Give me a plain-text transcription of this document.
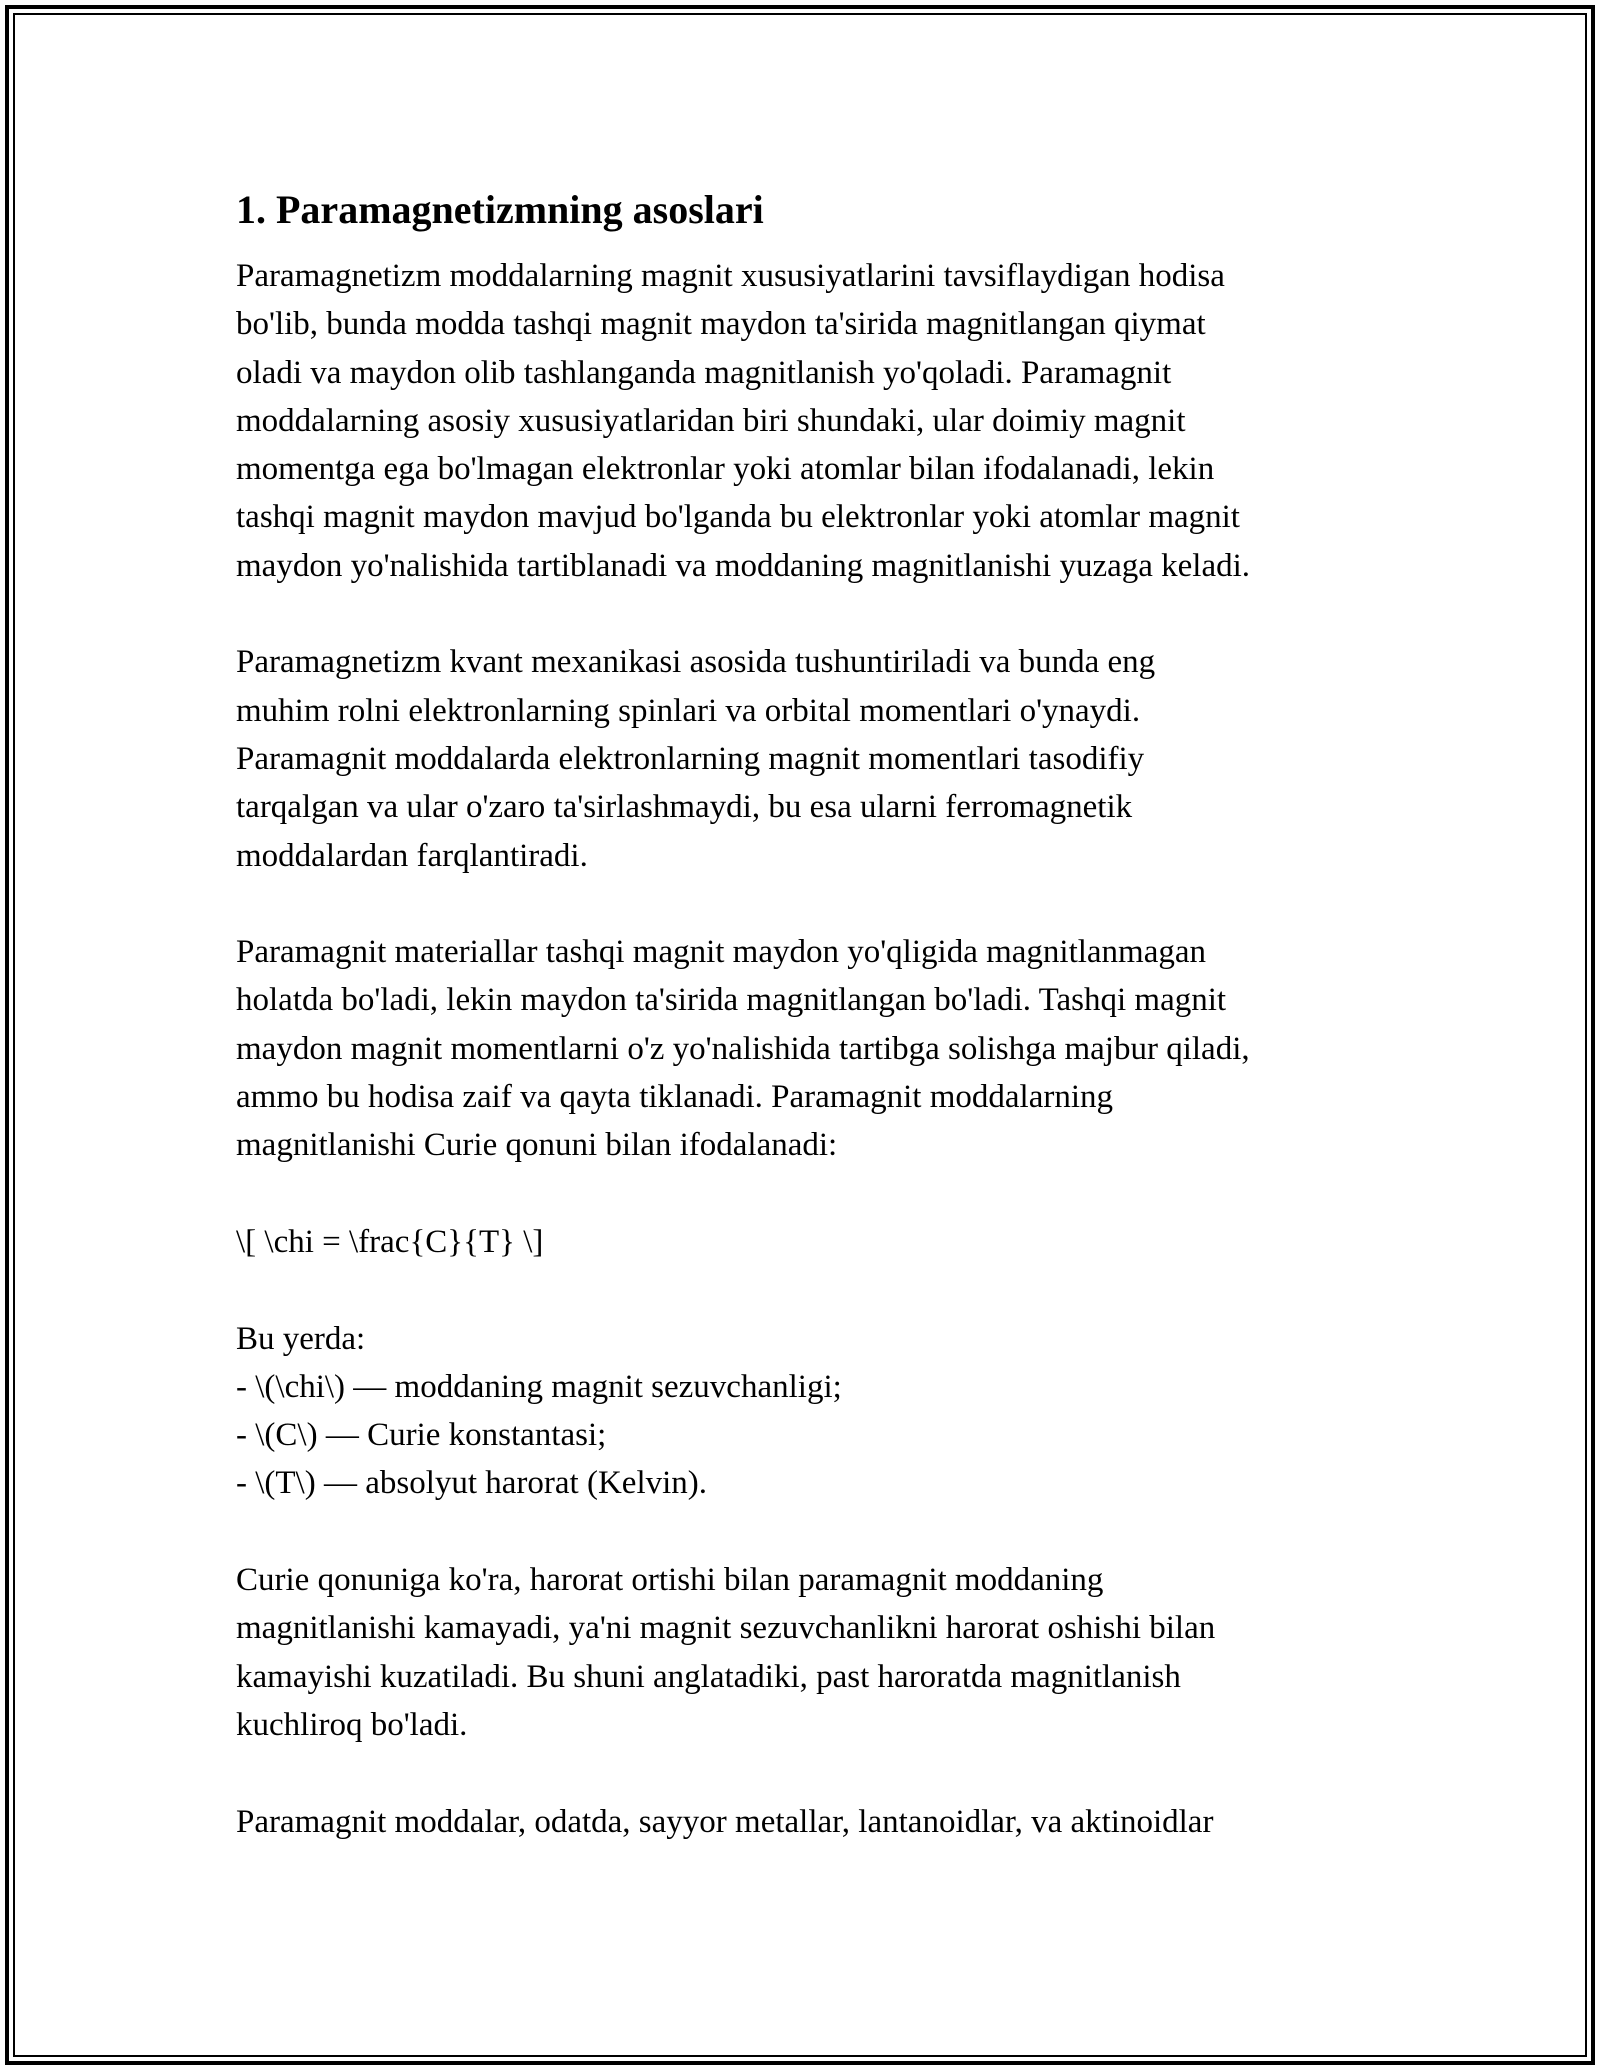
1. Paramagnetizmning asoslari

Paramagnetizm moddalarning magnit xususiyatlarini tavsiflaydigan hodisa
bo'lib, bunda modda tashqi magnit maydon ta'sirida magnitlangan qiymat
oladi va maydon olib tashlanganda magnitlanish yo'qoladi. Paramagnit
moddalarning asosiy xususiyatlaridan biri shundaki, ular doimiy magnit
momentga ega bo'lmagan elektronlar yoki atomlar bilan ifodalanadi, lekin
tashqi magnit maydon mavjud bo'lganda bu elektronlar yoki atomlar magnit
maydon yo'nalishida tartiblanadi va moddaning magnitlanishi yuzaga keladi.

Paramagnetizm kvant mexanikasi asosida tushuntiriladi va bunda eng
muhim rolni elektronlarning spinlari va orbital momentlari o'ynaydi.
Paramagnit moddalarda elektronlarning magnit momentlari tasodifiy
tarqalgan va ular o'zaro ta'sirlashmaydi, bu esa ularni ferromagnetik
moddalardan farqlantiradi.

Paramagnit materiallar tashqi magnit maydon yo'qligida magnitlanmagan
holatda bo'ladi, lekin maydon ta'sirida magnitlangan bo'ladi. Tashqi magnit
maydon magnit momentlarni o'z yo'nalishida tartibga solishga majbur qiladi,
ammo bu hodisa zaif va qayta tiklanadi. Paramagnit moddalarning
magnitlanishi Curie qonuni bilan ifodalanadi:

\[ \chi = \frac{C}{T} \]

Bu yerda:
- \(\chi\) — moddaning magnit sezuvchanligi;
- \(C\) — Curie konstantasi;
- \(T\) — absolyut harorat (Kelvin).

Curie qonuniga ko'ra, harorat ortishi bilan paramagnit moddaning
magnitlanishi kamayadi, ya'ni magnit sezuvchanlikni harorat oshishi bilan
kamayishi kuzatiladi. Bu shuni anglatadiki, past haroratda magnitlanish
kuchliroq bo'ladi.

Paramagnit moddalar, odatda, sayyor metallar, lantanoidlar, va aktinoidlar
